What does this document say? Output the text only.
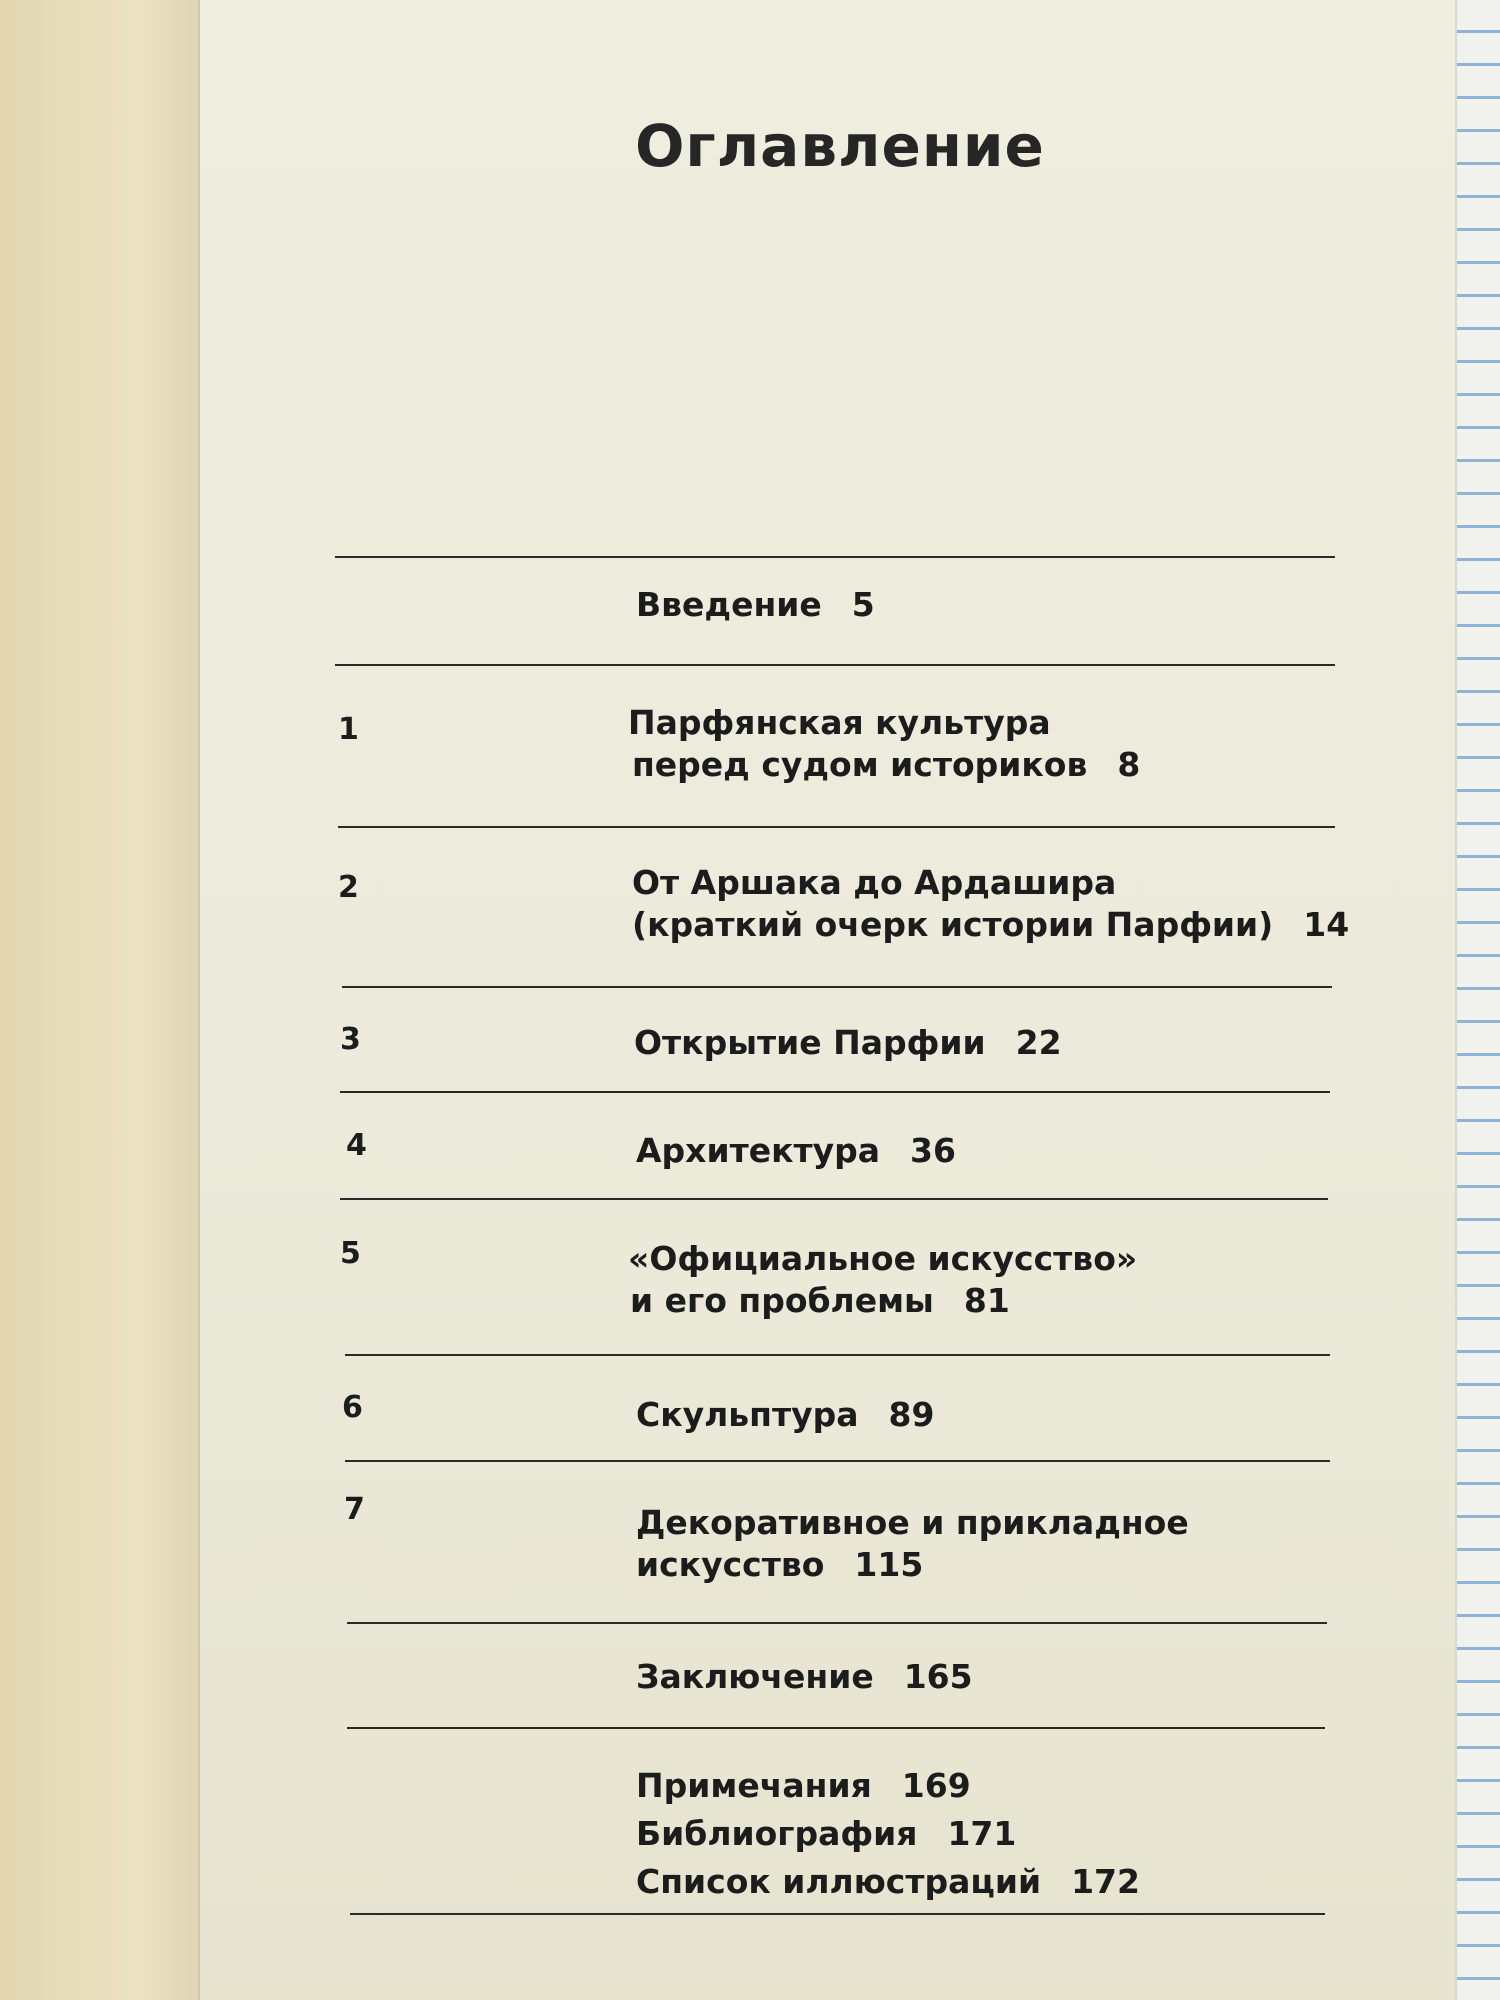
Оглавление
Введение 5
1	Парфянская культура
перед судом историков 8
2	От Аршака до Ардашира
(краткий очерк истории Парфии) 14
3	Открытие Парфии 22
4	Архитектура 36
5	«Официальное искусство»
и его проблемы 81
6	Скульптура 89
7	Декоративное и прикладное
искусство 115
Заключение 165
Примечания 169
Библиография 171
Список иллюстраций 172
